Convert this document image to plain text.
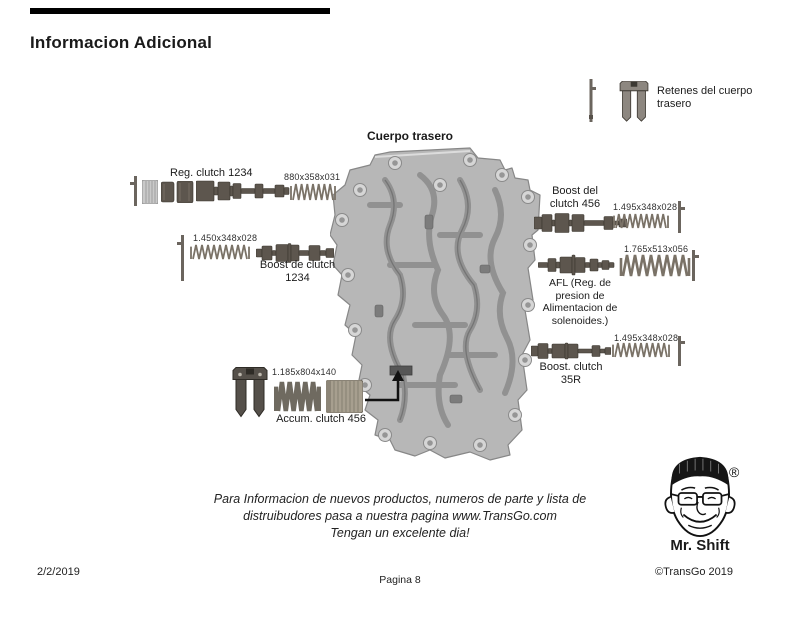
Informacion Adicional
Retenes del cuerpo
trasero
Cuerpo trasero
Reg. clutch 1234	880x358x031
1.450x348x028
Boost de clutch
1234
Boost del
clutch 456	1.495x348x028
1.765x513x056
AFL (Reg. de
presion de
Alimentacion de
solenoides.)
1.495x348x028
Boost. clutch
35R
1.185x804x140
Accum. clutch 456
Para Informacion de nuevos productos, numeros de parte y lista de
distruibudores pasa a nuestra pagina www.TransGo.com
Tengan un excelente dia!
®
Mr. Shift
2/2/2019
Pagina 8
©TransGo 2019
